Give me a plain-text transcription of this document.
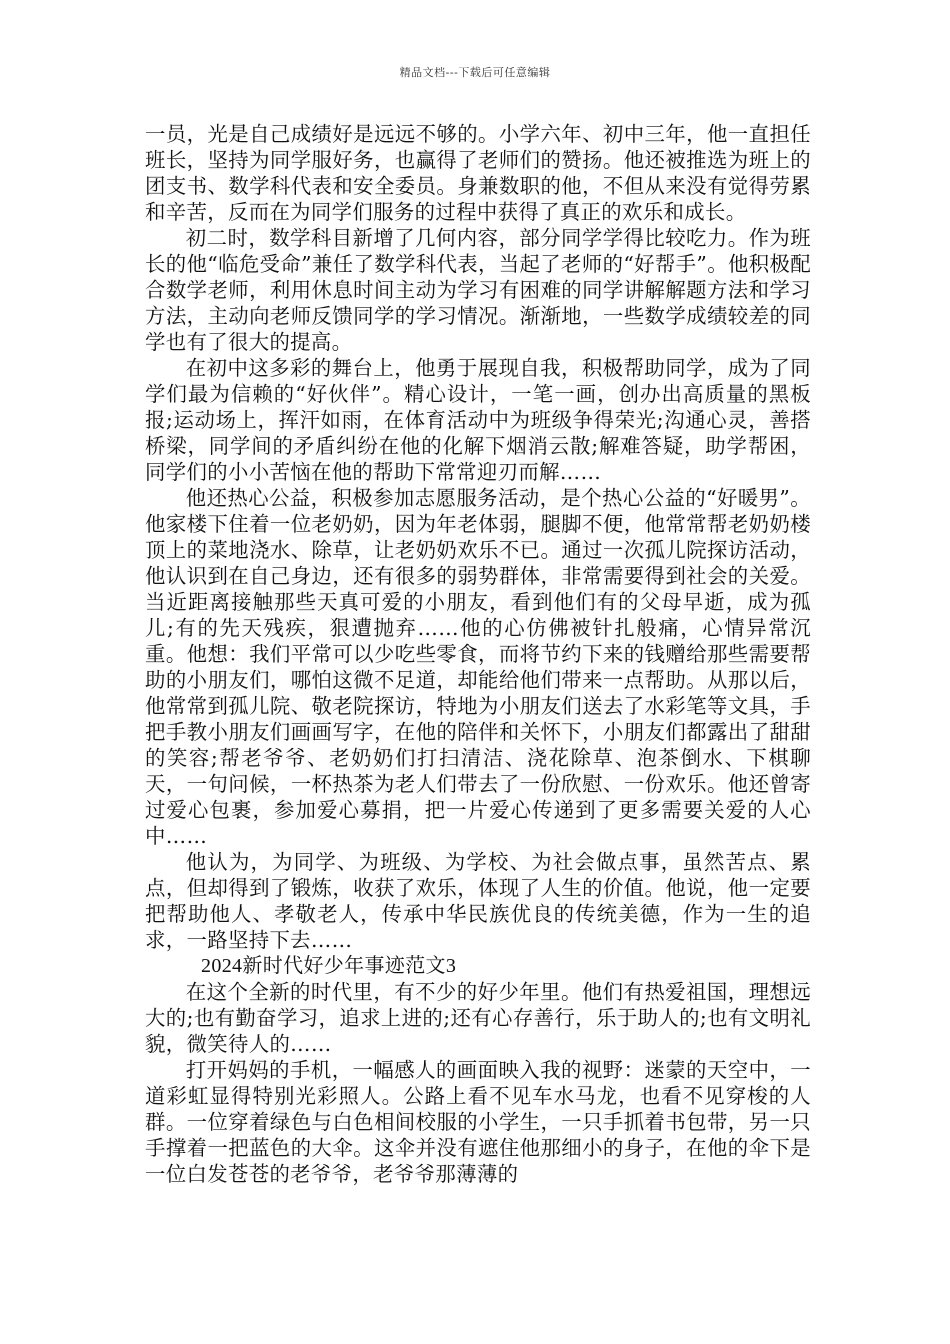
精品文档---下载后可任意编辑

一员，光是自己成绩好是远远不够的。小学六年、初中三年，他一直担任班长，坚持为同学服好务，也赢得了老师们的赞扬。他还被推选为班上的团支书、数学科代表和安全委员。身兼数职的他，不但从来没有觉得劳累和辛苦，反而在为同学们服务的过程中获得了真正的欢乐和成长。

初二时，数学科目新增了几何内容，部分同学学得比较吃力。作为班长的他“临危受命”兼任了数学科代表，当起了老师的“好帮手”。他积极配合数学老师，利用休息时间主动为学习有困难的同学讲解解题方法和学习方法，主动向老师反馈同学的学习情况。渐渐地，一些数学成绩较差的同学也有了很大的提高。

在初中这多彩的舞台上，他勇于展现自我，积极帮助同学，成为了同学们最为信赖的“好伙伴”。精心设计，一笔一画，创办出高质量的黑板报;运动场上，挥汗如雨，在体育活动中为班级争得荣光;沟通心灵，善搭桥梁，同学间的矛盾纠纷在他的化解下烟消云散;解难答疑，助学帮困，同学们的小小苦恼在他的帮助下常常迎刃而解……

他还热心公益，积极参加志愿服务活动，是个热心公益的“好暖男”。他家楼下住着一位老奶奶，因为年老体弱，腿脚不便，他常常帮老奶奶楼顶上的菜地浇水、除草，让老奶奶欢乐不已。通过一次孤儿院探访活动，他认识到在自己身边，还有很多的弱势群体，非常需要得到社会的关爱。当近距离接触那些天真可爱的小朋友，看到他们有的父母早逝，成为孤儿;有的先天残疾，狠遭抛弃……他的心仿佛被针扎般痛，心情异常沉重。他想：我们平常可以少吃些零食，而将节约下来的钱赠给那些需要帮助的小朋友们，哪怕这微不足道，却能给他们带来一点帮助。从那以后，他常常到孤儿院、敬老院探访，特地为小朋友们送去了水彩笔等文具，手把手教小朋友们画画写字，在他的陪伴和关怀下，小朋友们都露出了甜甜的笑容;帮老爷爷、老奶奶们打扫清洁、浇花除草、泡茶倒水、下棋聊天，一句问候，一杯热茶为老人们带去了一份欣慰、一份欢乐。他还曾寄过爱心包裹，参加爱心募捐，把一片爱心传递到了更多需要关爱的人心中……

他认为，为同学、为班级、为学校、为社会做点事，虽然苦点、累点，但却得到了锻炼，收获了欢乐，体现了人生的价值。他说，他一定要把帮助他人、孝敬老人，传承中华民族优良的传统美德，作为一生的追求，一路坚持下去……

2024新时代好少年事迹范文3

在这个全新的时代里，有不少的好少年里。他们有热爱祖国，理想远大的;也有勤奋学习，追求上进的;还有心存善行，乐于助人的;也有文明礼貌，微笑待人的……

打开妈妈的手机，一幅感人的画面映入我的视野：迷蒙的天空中，一道彩虹显得特别光彩照人。公路上看不见车水马龙，也看不见穿梭的人群。一位穿着绿色与白色相间校服的小学生，一只手抓着书包带，另一只手撑着一把蓝色的大伞。这伞并没有遮住他那细小的身子，在他的伞下是一位白发苍苍的老爷爷，老爷爷那薄薄的
